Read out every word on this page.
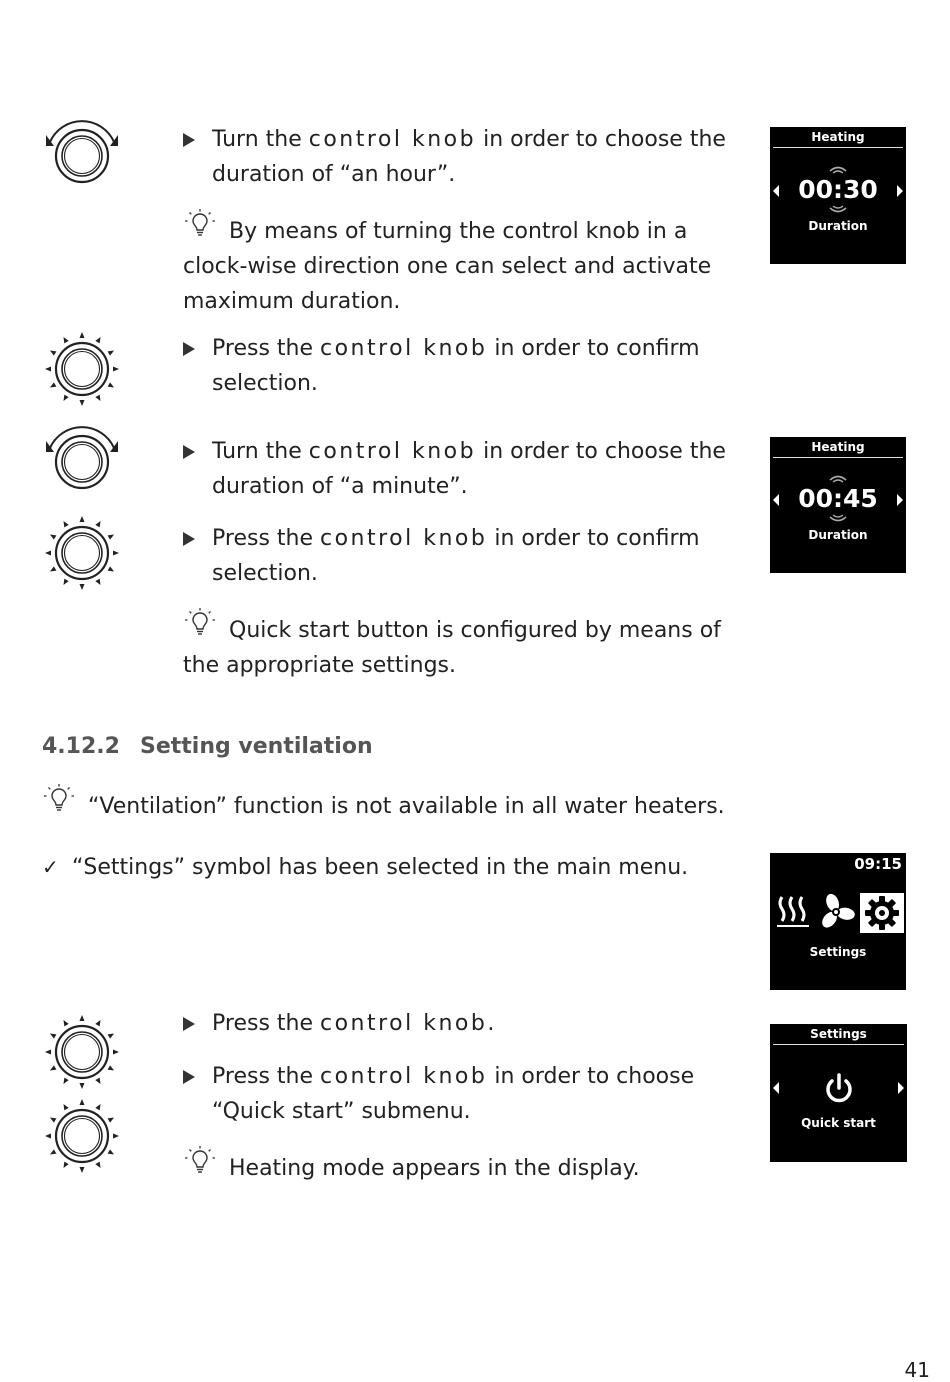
Turn the control knob in order to choose the duration of “an hour”.
By means of turning the control knob in a clock-wise direction one can select and activate maximum duration.
Press the control knob in order to confirm selection.
Turn the control knob in order to choose the duration of “a minute”.
Press the control knob in order to confirm selection.
Quick start button is configured by means of the appropriate settings.
4.12.2 Setting ventilation
“Ventilation” function is not available in all water heaters.
✓ “Settings” symbol has been selected in the main menu.
Press the control knob.
Press the control knob in order to choose “Quick start” submenu.
Heating mode appears in the display.
Heating
00:30
Duration
Heating
00:45
Duration
09:15
Settings
Settings
Quick start
41
